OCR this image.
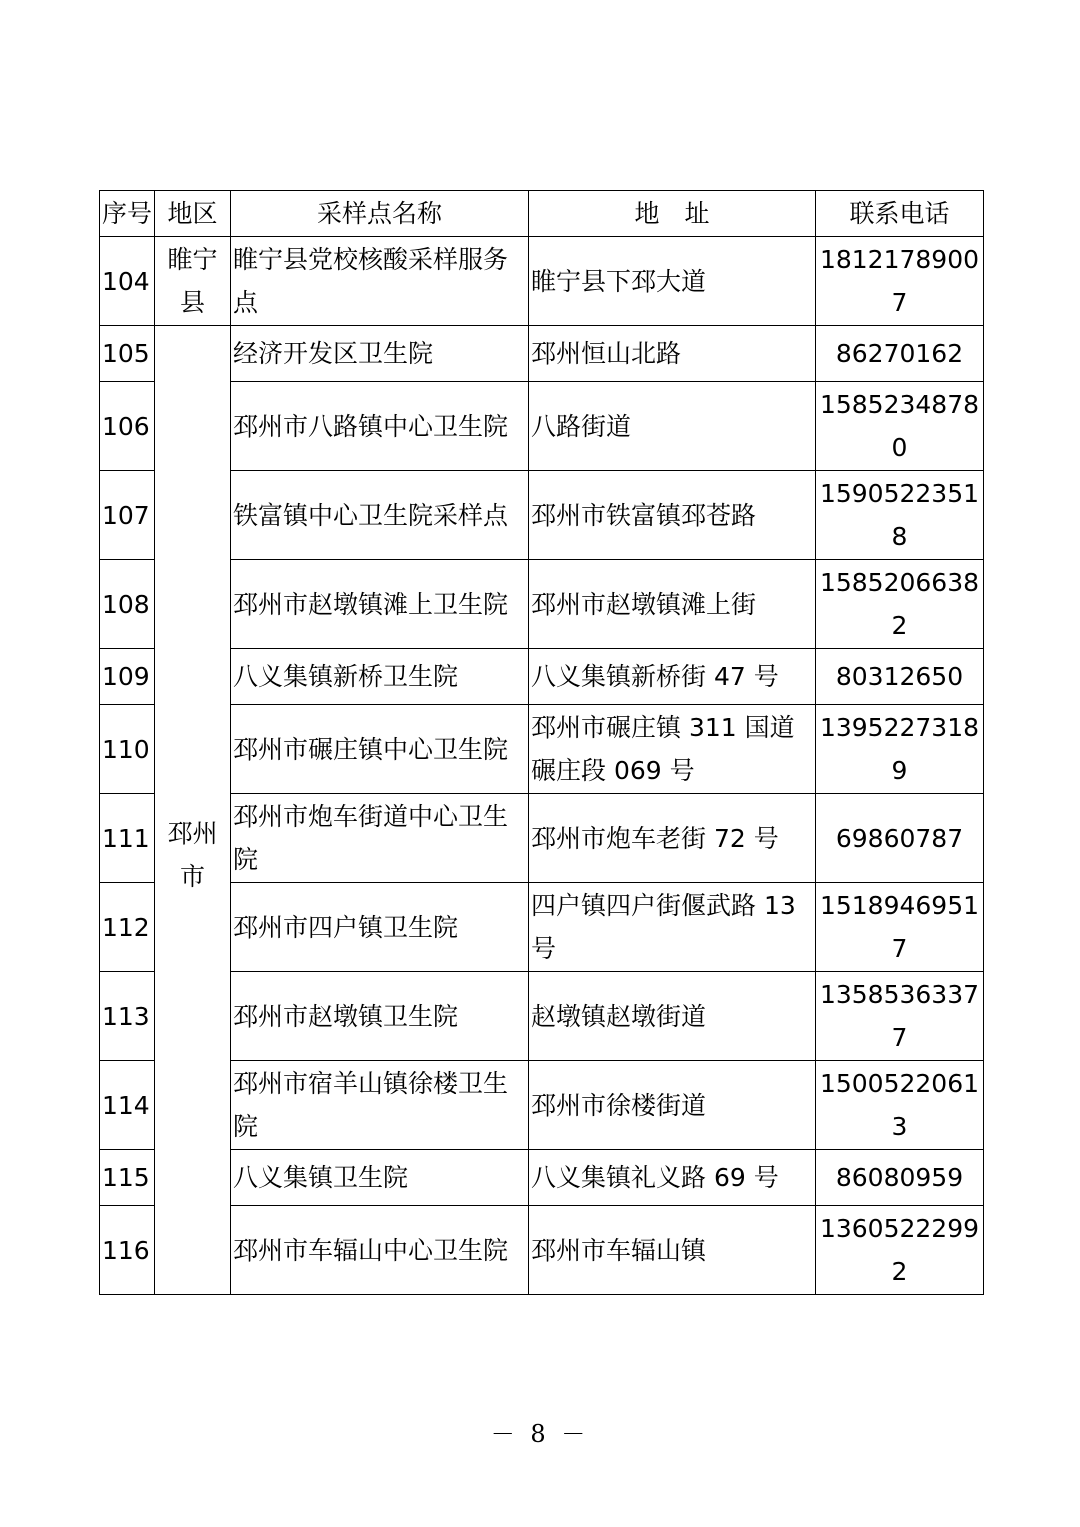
序号	地区	采样点名称	地　址	联系电话
104	睢宁县	睢宁县党校核酸采样服务点	睢宁县下邳大道	18121789007
105	邳州市	经济开发区卫生院	邳州恒山北路	86270162
106		邳州市八路镇中心卫生院	八路街道	15852348780
107		铁富镇中心卫生院采样点	邳州市铁富镇邳苍路	15905223518
108		邳州市赵墩镇滩上卫生院	邳州市赵墩镇滩上街	15852066382
109		八义集镇新桥卫生院	八义集镇新桥街 47 号	80312650
110		邳州市碾庄镇中心卫生院	邳州市碾庄镇 311 国道碾庄段 069 号	13952273189
111		邳州市炮车街道中心卫生院	邳州市炮车老街 72 号	69860787
112		邳州市四户镇卫生院	四户镇四户街偃武路 13 号	15189469517
113		邳州市赵墩镇卫生院	赵墩镇赵墩街道	13585363377
114		邳州市宿羊山镇徐楼卫生院	邳州市徐楼街道	15005220613
115		八义集镇卫生院	八义集镇礼义路 69 号	86080959
116		邳州市车辐山中心卫生院	邳州市车辐山镇	13605222992
－ 8 －
